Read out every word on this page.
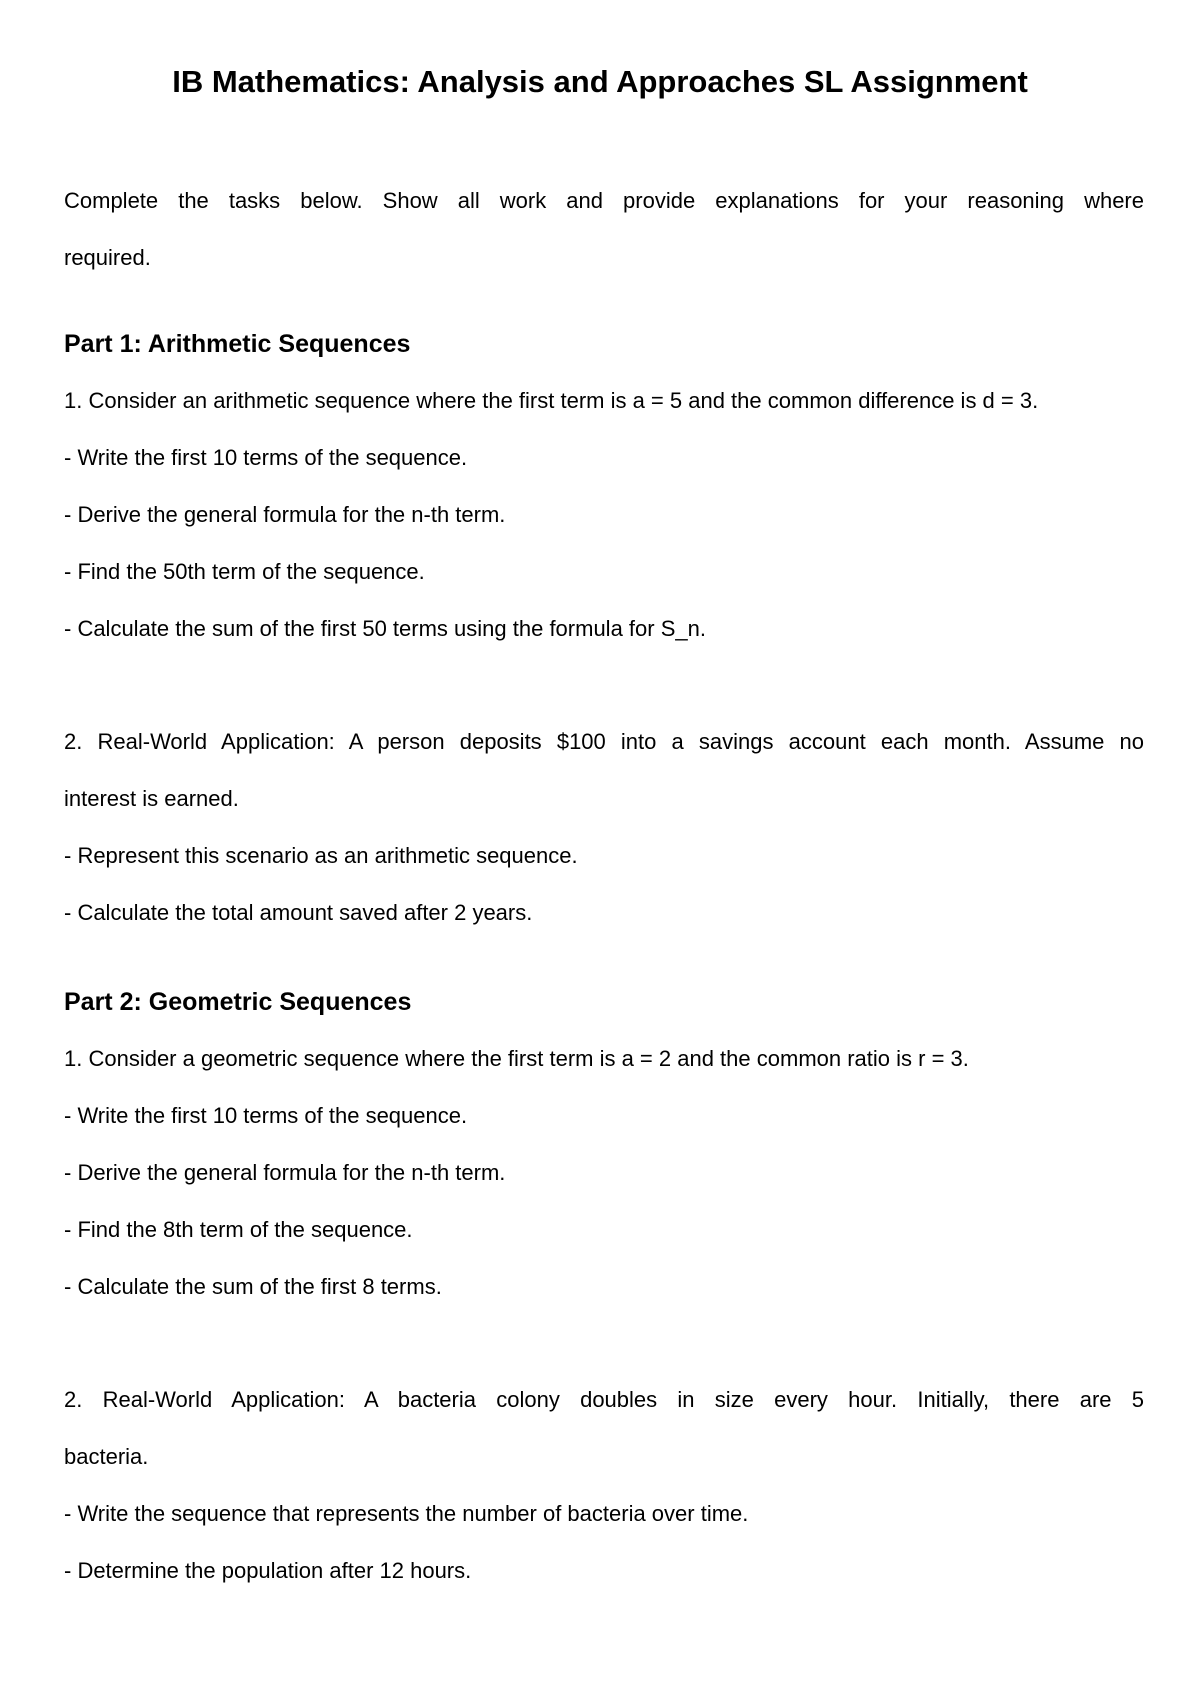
IB Mathematics: Analysis and Approaches SL Assignment

Complete the tasks below. Show all work and provide explanations for your reasoning where

required.

Part 1: Arithmetic Sequences

1. Consider an arithmetic sequence where the first term is a = 5 and the common difference is d = 3.

- Write the first 10 terms of the sequence.

- Derive the general formula for the n-th term.

- Find the 50th term of the sequence.

- Calculate the sum of the first 50 terms using the formula for S_n.

2. Real-World Application: A person deposits $100 into a savings account each month. Assume no

interest is earned.

- Represent this scenario as an arithmetic sequence.

- Calculate the total amount saved after 2 years.

Part 2: Geometric Sequences

1. Consider a geometric sequence where the first term is a = 2 and the common ratio is r = 3.

- Write the first 10 terms of the sequence.

- Derive the general formula for the n-th term.

- Find the 8th term of the sequence.

- Calculate the sum of the first 8 terms.

2. Real-World Application: A bacteria colony doubles in size every hour. Initially, there are 5

bacteria.

- Write the sequence that represents the number of bacteria over time.

- Determine the population after 12 hours.
